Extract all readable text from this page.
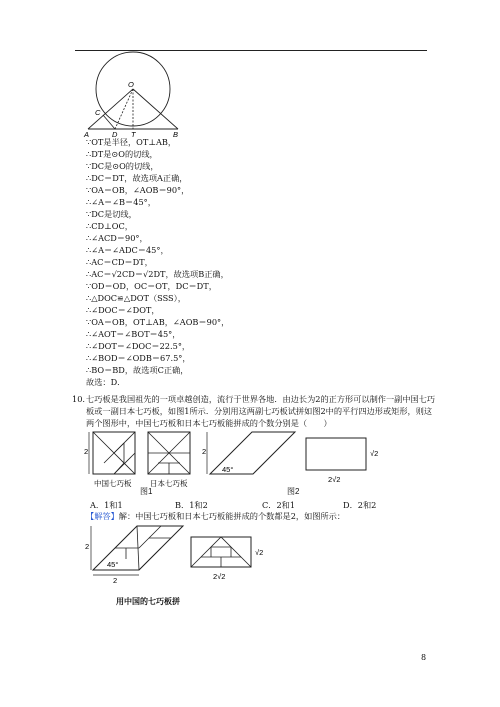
O
C
A	D T	B
∵OT是半径，OT⊥AB，
∴DT是⊙O的切线，
∵DC是⊙O的切线，
∴DC＝DT，故选项A正确，
∵OA＝OB，∠AOB＝90°，
∴∠A＝∠B＝45°，
∵DC是切线，
∴CD⊥OC，
∴∠ACD＝90°，
∴∠A＝∠ADC＝45°，
∴AC＝CD＝DT，
∴AC＝√2CD＝√2DT，故选项B正确，
∵OD＝OD，OC＝OT，DC＝DT，
∴△DOC≌△DOT（SSS），
∴∠DOC＝∠DOT，
∵OA＝OB，OT⊥AB，∠AOB＝90°，
∴∠AOT＝∠BOT＝45°，
∴∠DOT＝∠DOC＝22.5°，
∴∠BOD＝∠ODB＝67.5°，
∴BO＝BD，故选项C正确，
故选：D．
10. 七巧板是我国祖先的一项卓越创造，流行于世界各地．由边长为2的正方形可以制作一副中国七巧板或一副日本七巧板，如图1所示．分别用这两副七巧板试拼如图2中的平行四边形或矩形，则这两个图形中，中国七巧板和日本七巧板能拼成的个数分别是（　　）
2
中国七巧板 日本七巧板
图1
2
45°
√2
2√2
图2
A．1和1	B．1和2	C．2和1	D．2和2
【解答】解：中国七巧板和日本七巧板能拼成的个数都是2，如图所示：
2
45°
2
√2
2√2
用中国的七巧板拼
8
